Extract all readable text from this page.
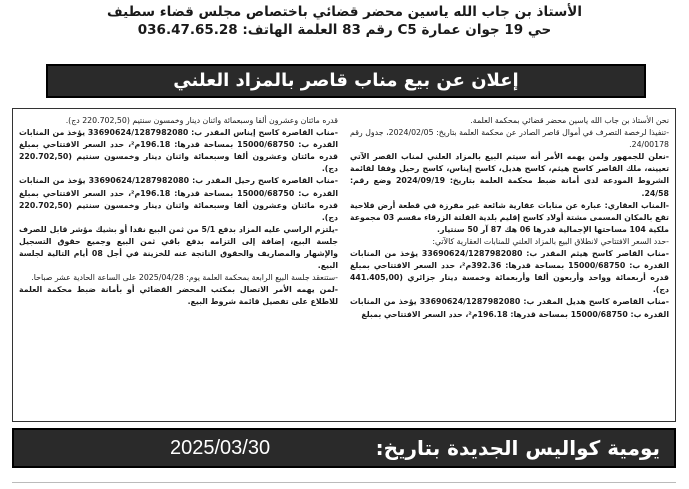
الأستاذ بن جاب الله ياسين محضر قضائي باختصاص مجلس قضاء سطيف
حي 19 جوان عمارة C5 رقم 83 العلمة الهاتف: 036.47.65.28
إعلان عن بيع مناب قاصر بالمزاد العلني

نحن الأستاذ بن جاب الله ياسين محضر قضائي بمحكمة العلمة.

-تنفيذا لرخصة التصرف في أموال قاصر الصادر عن محكمة العلمة بتاريخ: 2024/02/05، جدول رقم 24/00178.

-نعلن للجمهور ولمن يهمه الأمر أنه سيتم البيع بالمزاد العلني لمناب القصر الآتي تعيينه، ملك القاصر كاسح هيثم، كاسح هديل، كاسح إيناس، كاسح رحيل وفقا لقائمة الشروط المودعة لدى أمانة ضبط محكمة العلمة بتاريخ: 2024/09/19 وضع رقم: 24/58.

-المناب العقاري: عبارة عن منابات عقارية شائعة غير مفرزة في قطعة أرض فلاحية تقع بالمكان المسمى مشتة أولاد كاسح إقليم بلدية القلتة الزرقاء مقسم 03 مجموعة ملكية 104 مساحتها الإجمالية قدرها 06 هك 87 آر 50 سنتيار.

-حدد السعر الافتتاحي لانطلاق البيع بالمزاد العلني للمنابات العقارية كالآتي:

-مناب القاصر كاسح هيثم المقدر ب: 33690624/1287982080 يؤخذ من المنابات القدرة ب: 15000/68750 بمساحة قدرها: 392.36م²، حدد السعر الافتتاحي بمبلغ قدره أربعمائة وواحد وأربعون ألفا وأربعمائة وخمسة دينار جزائري (441.405,00 دج).

-مناب القاصرة كاسح هديل المقدر ب: 33690624/1287982080 يؤخذ من المنابات القدرة ب: 15000/68750 بمساحة قدرها: 196.18م²، حدد السعر الافتتاحي بمبلغ

قدره مائتان وعشرون ألفا وسبعمائة واثنان دينار وخمسون سنتيم (220.702,50 دج).

-مناب القاصرة كاسح إيناس المقدر ب: 33690624/1287982080 يؤخذ من المنابات القدرة ب: 15000/68750 بمساحة قدرها: 196.18م²، حدد السعر الافتتاحي بمبلغ قدره مائتان وعشرون ألفا وسبعمائة واثنان دينار وخمسون سنتيم (220.702,50 دج).

-مناب القاصرة كاسح رحيل المقدر ب: 33690624/1287982080 يؤخذ من المنابات القدرة ب: 15000/68750 بمساحة قدرها: 196.18م²، حدد السعر الافتتاحي بمبلغ قدره مائتان وعشرون ألفا وسبعمائة واثنان دينار وخمسون سنتيم (220.702,50 دج).

-يلتزم الراسي عليه المزاد بدفع 5/1 من ثمن البيع نقدا أو بشيك مؤشر قابل للصرف جلسة البيع، إضافة إلى التزامه بدفع باقي ثمن البيع وجميع حقوق التسجيل والإشهار والمصاريف والحقوق الناتجة عنه للخزينة في أجل 08 أيام التالية لجلسة البيع.

-ستنعقد جلسة البيع الرابعة بمحكمة العلمة يوم: 2025/04/28 على الساعة الحادية عشر صباحا.

-لمن يهمه الأمر الاتصال بمكتب المحضر القضائي أو بأمانة ضبط محكمة العلمة للاطلاع على تفصيل قائمة شروط البيع.

يومية كواليس الجديدة بتاريخ:
2025/03/30
